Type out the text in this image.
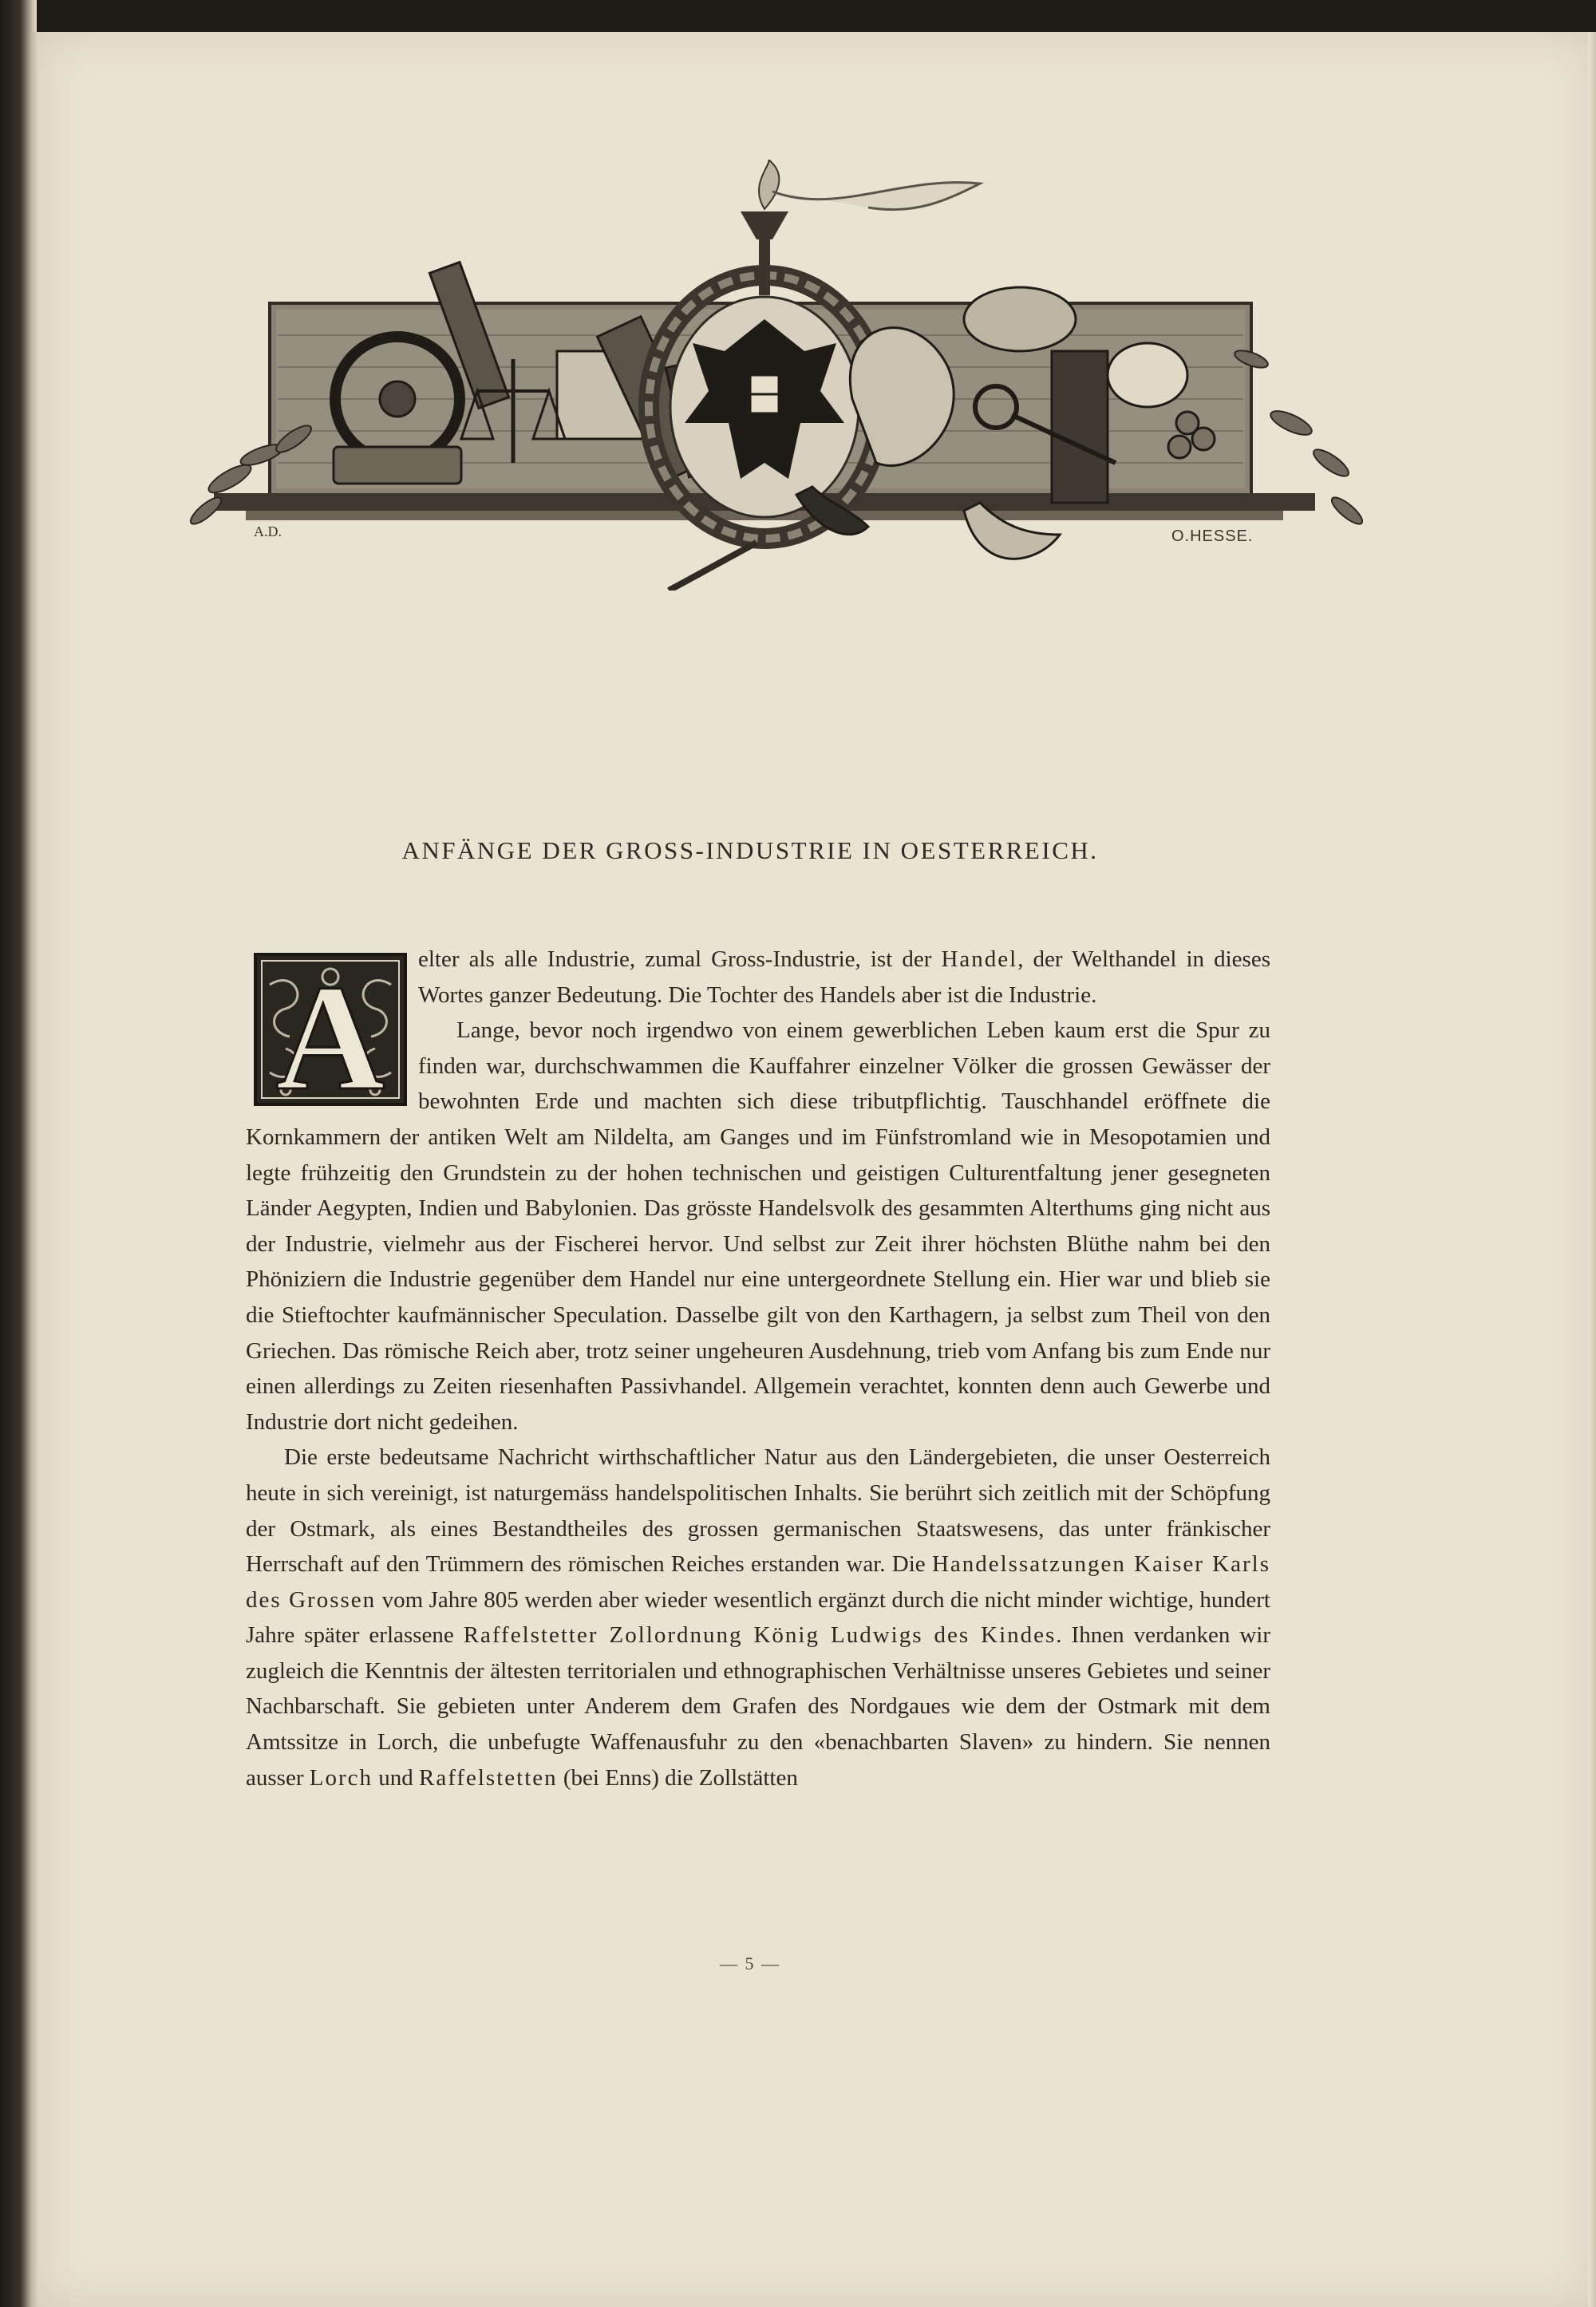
A.D.	O.HESSE.
ANFÄNGE DER GROSS-INDUSTRIE IN OESTERREICH.
A	elter als alle Industrie, zumal Gross-Industrie, ist der Handel, der Welthandel in dieses Wortes ganzer Bedeutung. Die Tochter des Handels aber ist die Industrie.

Lange, bevor noch irgendwo von einem gewerblichen Leben kaum erst die Spur zu finden war, durchschwammen die Kauffahrer einzelner Völker die grossen Gewässer der bewohnten Erde und machten sich diese tributpflichtig. Tauschhandel eröffnete die Kornkammern der antiken Welt am Nildelta, am Ganges und im Fünfstromland wie in Mesopotamien und legte frühzeitig den Grundstein zu der hohen technischen und geistigen Culturentfaltung jener gesegneten Länder Aegypten, Indien und Babylonien. Das grösste Handelsvolk des gesammten Alterthums ging nicht aus der Industrie, vielmehr aus der Fischerei hervor. Und selbst zur Zeit ihrer höchsten Blüthe nahm bei den Phöniziern die Industrie gegenüber dem Handel nur eine untergeordnete Stellung ein. Hier war und blieb sie die Stieftochter kaufmännischer Speculation. Dasselbe gilt von den Karthagern, ja selbst zum Theil von den Griechen. Das römische Reich aber, trotz seiner ungeheuren Ausdehnung, trieb vom Anfang bis zum Ende nur einen allerdings zu Zeiten riesenhaften Passivhandel. Allgemein verachtet, konnten denn auch Gewerbe und Industrie dort nicht gedeihen.

Die erste bedeutsame Nachricht wirthschaftlicher Natur aus den Ländergebieten, die unser Oesterreich heute in sich vereinigt, ist naturgemäss handelspolitischen Inhalts. Sie berührt sich zeitlich mit der Schöpfung der Ostmark, als eines Bestandtheiles des grossen germanischen Staatswesens, das unter fränkischer Herrschaft auf den Trümmern des römischen Reiches erstanden war. Die Handelssatzungen Kaiser Karls des Grossen vom Jahre 805 werden aber wieder wesentlich ergänzt durch die nicht minder wichtige, hundert Jahre später erlassene Raffelstetter Zollordnung König Ludwigs des Kindes. Ihnen verdanken wir zugleich die Kenntnis der ältesten territorialen und ethnographischen Verhältnisse unseres Gebietes und seiner Nachbarschaft. Sie gebieten unter Anderem dem Grafen des Nordgaues wie dem der Ostmark mit dem Amtssitze in Lorch, die unbefugte Waffenausfuhr zu den «benachbarten Slaven» zu hindern. Sie nennen ausser Lorch und Raffelstetten (bei Enns) die Zollstätten

— 5 —
